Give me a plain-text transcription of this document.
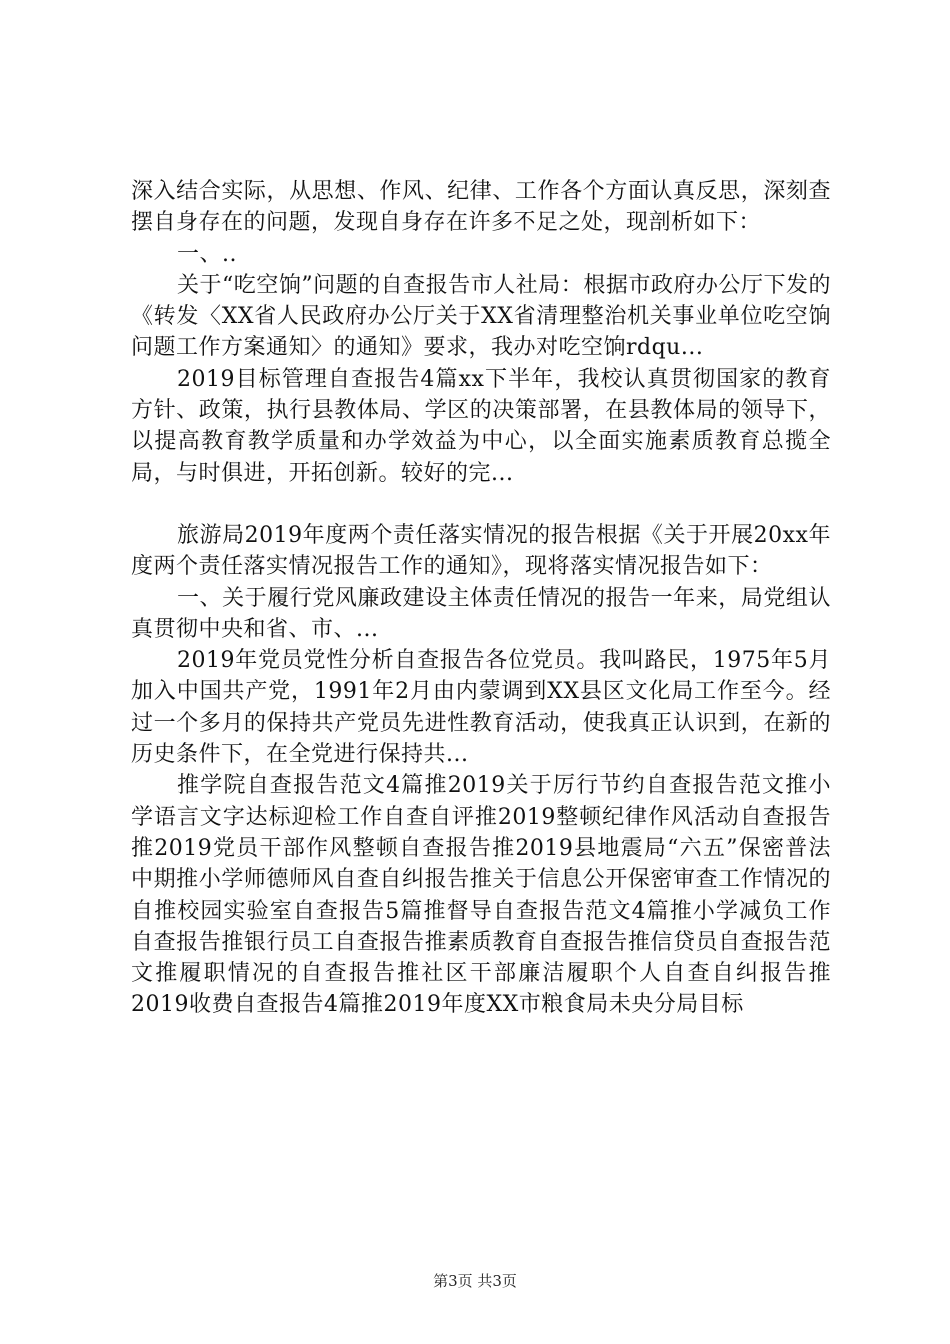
深入结合实际，从思想、作风、纪律、工作各个方面认真反思，深刻查摆自身存在的问题，发现自身存在许多不足之处，现剖析如下：

一、..

关于“吃空饷”问题的自查报告市人社局：根据市政府办公厅下发的《转发〈XX省人民政府办公厅关于XX省清理整治机关事业单位吃空饷问题工作方案通知〉的通知》要求，我办对吃空饷rdqu...

2019目标管理自查报告4篇xx下半年，我校认真贯彻国家的教育方针、政策，执行县教体局、学区的决策部署，在县教体局的领导下，以提高教育教学质量和办学效益为中心，以全面实施素质教育总揽全局，与时俱进，开拓创新。较好的完...

旅游局2019年度两个责任落实情况的报告根据《关于开展20xx年度两个责任落实情况报告工作的通知》，现将落实情况报告如下：

一、关于履行党风廉政建设主体责任情况的报告一年来，局党组认真贯彻中央和省、市、...

2019年党员党性分析自查报告各位党员。我叫路民，1975年5月加入中国共产党，1991年2月由内蒙调到XX县区文化局工作至今。经过一个多月的保持共产党员先进性教育活动，使我真正认识到，在新的历史条件下，在全党进行保持共...

推学院自查报告范文4篇推2019关于厉行节约自查报告范文推小学语言文字达标迎检工作自查自评推2019整顿纪律作风活动自查报告推2019党员干部作风整顿自查报告推2019县地震局“六五”保密普法中期推小学师德师风自查自纠报告推关于信息公开保密审查工作情况的自推校园实验室自查报告5篇推督导自查报告范文4篇推小学减负工作自查报告推银行员工自查报告推素质教育自查报告推信贷员自查报告范文推履职情况的自查报告推社区干部廉洁履职个人自查自纠报告推2019收费自查报告4篇推2019年度XX市粮食局未央分局目标

第3页 共3页
